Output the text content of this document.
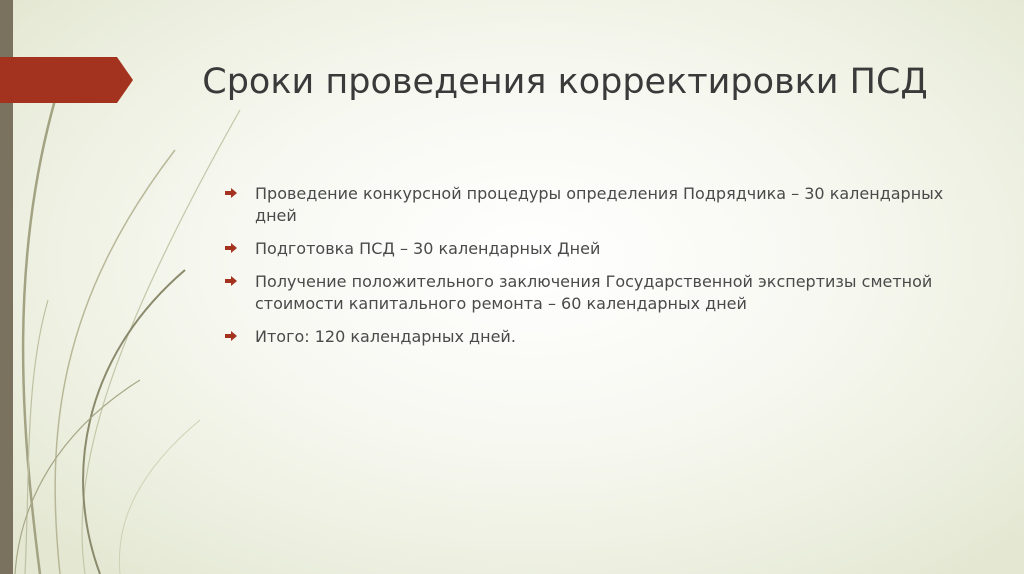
Сроки проведения корректировки ПСД
Проведение конкурсной процедуры определения Подрядчика – 30 календарных дней
Подготовка ПСД – 30 календарных Дней
Получение положительного заключения Государственной экспертизы сметной стоимости капитального ремонта – 60 календарных дней
Итого: 120 календарных дней.
